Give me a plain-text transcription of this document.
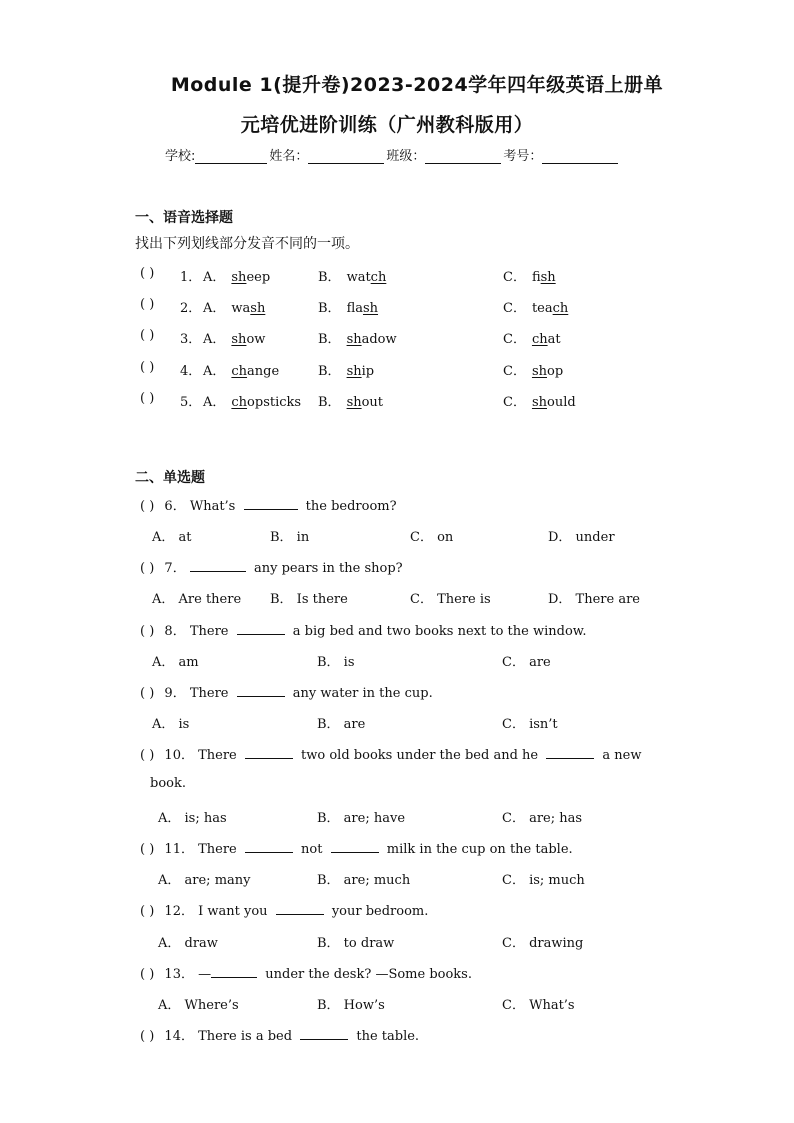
Module 1(提升卷)2023-2024学年四年级英语上册单
元培优进阶训练（广州教科版用）
学校:	姓名：	班级：	考号：
一、语音选择题
找出下列划线部分发音不同的一项。
( ) 1． A． sheep	B． watch	C． fish
( ) 2． A． wash	B． flash	C． teach
( ) 3． A． show	B． shadow	C． chat
( ) 4． A． change	B． ship	C． shop
( ) 5． A． chopsticks B． shout	C． should
二、单选题
( ) 6． What’s	the bedroom?
A． at	B． in	C． on	D． under
( ) 7．	any pears in the shop?
A． Are there B． Is there	C． There is	D． There are
( ) 8． There	a big bed and two books next to the window.
A． am	B． is	C． are
( ) 9． There	any water in the cup.
A． is	B． are	C． isn’t
( ) 10． There	two old books under the bed and he	a new
book.
A． is; has	B． are; have	C． are; has
( ) 11． There	not	milk in the cup on the table.
A． are; many	B． are; much	C． is; much
( ) 12． I want you	your bedroom.
A． draw	B． to draw	C． drawing
( ) 13． —	under the desk? —Some books.
A． Where’s	B． How’s	C． What’s
( ) 14． There is a bed	the table.
